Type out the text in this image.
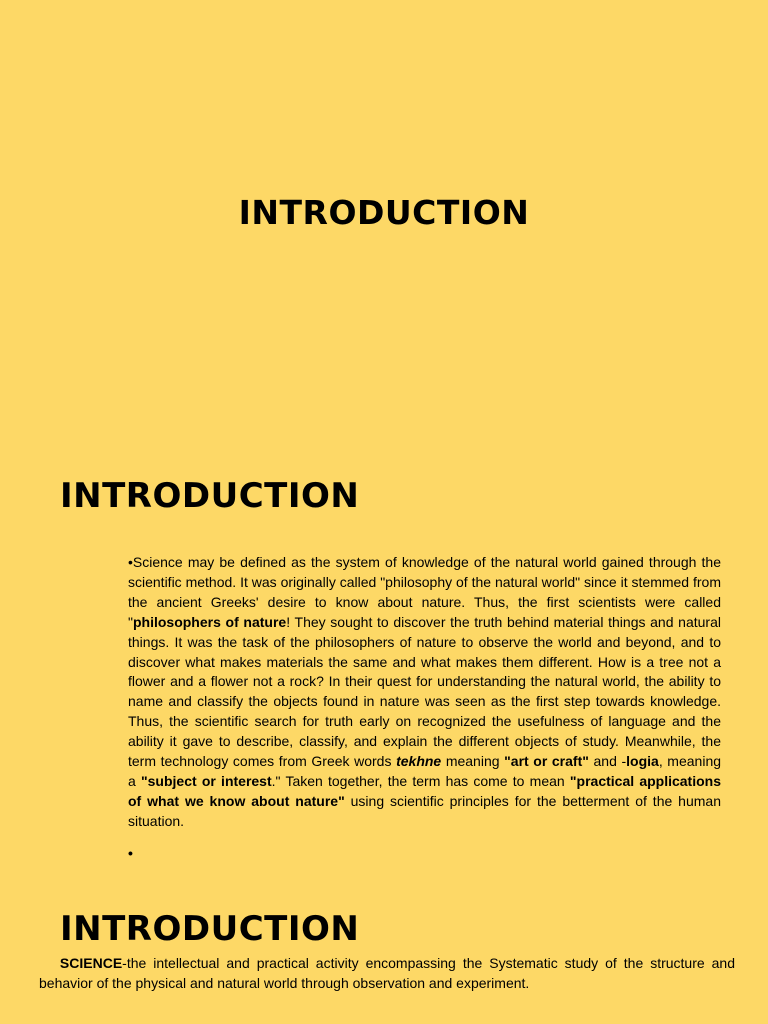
INTRODUCTION
INTRODUCTION

•Science may be defined as the system of knowledge of the natural world gained through the scientific method. It was originally called "philosophy of the natural world" since it stemmed from the ancient Greeks' desire to know about nature. Thus, the first scientists were called "philosophers of nature! They sought to discover the truth behind material things and natural things. It was the task of the philosophers of nature to observe the world and beyond, and to discover what makes materials the same and what makes them different. How is a tree not a flower and a flower not a rock? In their quest for understanding the natural world, the ability to name and classify the objects found in nature was seen as the first step towards knowledge. Thus, the scientific search for truth early on recognized the usefulness of language and the ability it gave to describe, classify, and explain the different objects of study. Meanwhile, the term technology comes from Greek words tekhne meaning "art or craft" and -logia, meaning a "subject or interest." Taken together, the term has come to mean "practical applications of what we know about nature" using scientific principles for the betterment of the human situation.

•
INTRODUCTION

SCIENCE-the intellectual and practical activity encompassing the Systematic study of the structure and behavior of the physical and natural world through observation and experiment.
